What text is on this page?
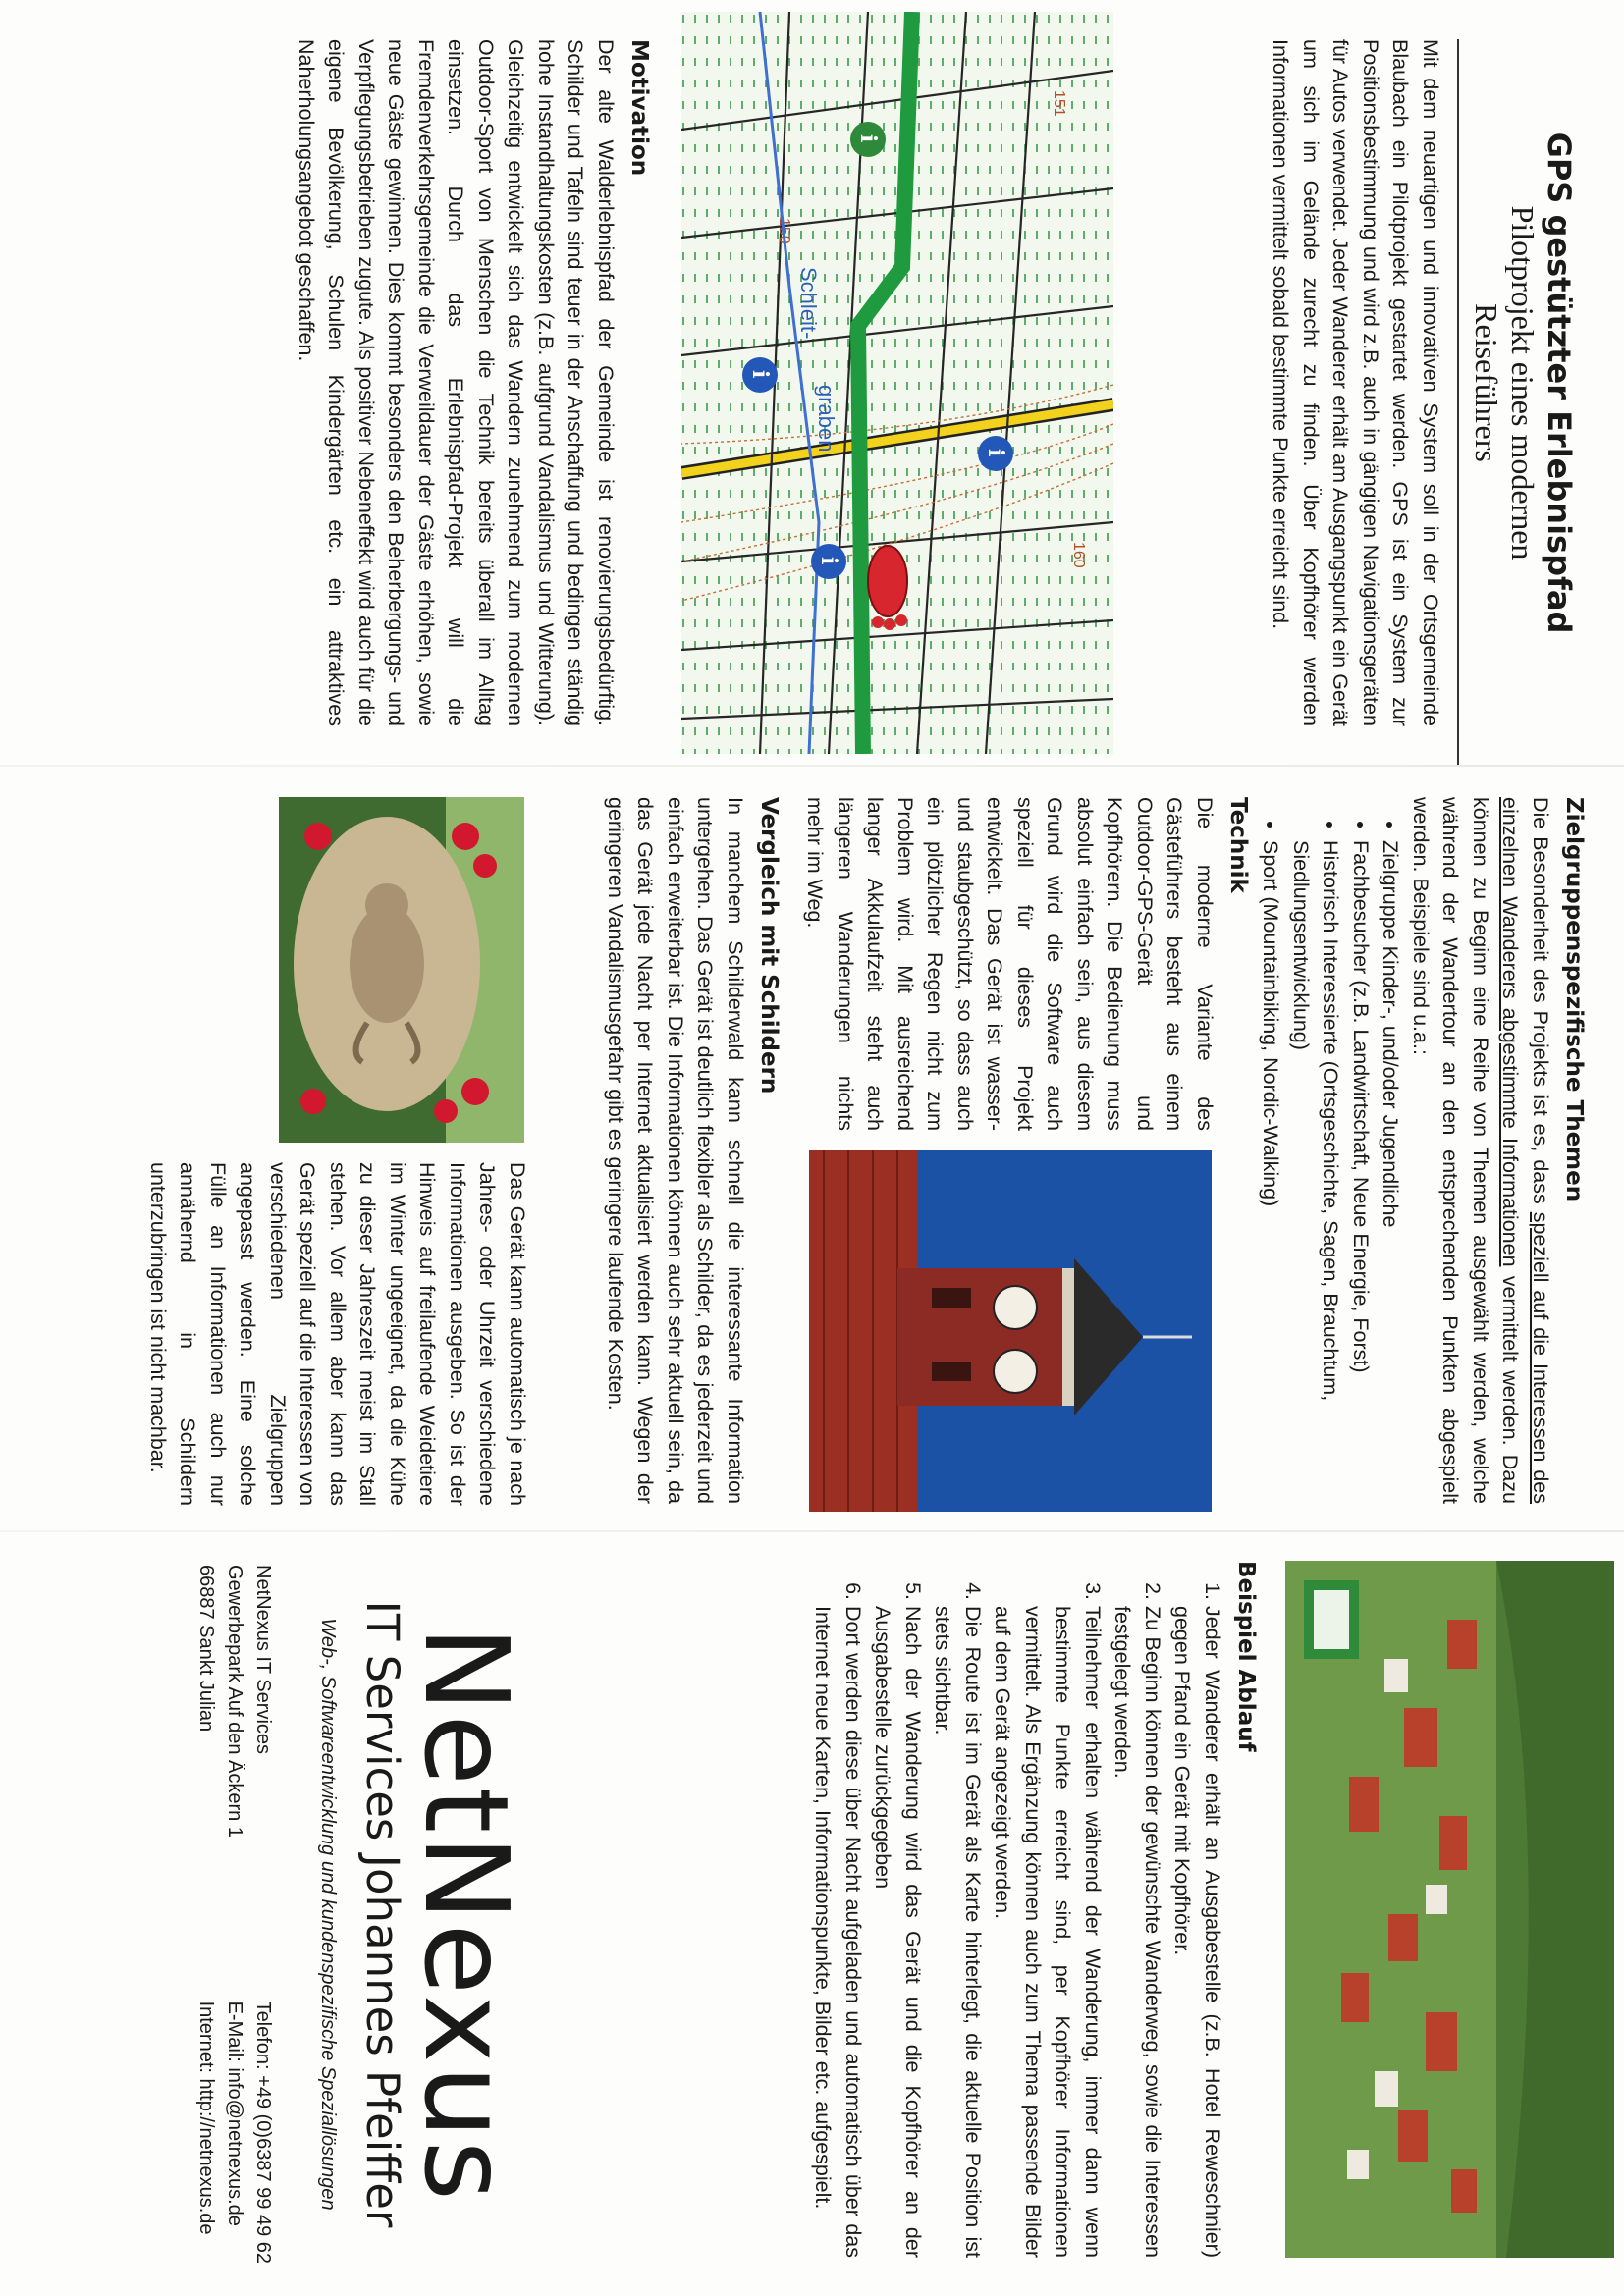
GPS gestützter Erlebnispfad
Pilotprojekt eines modernen
Reiseführers

Mit dem neuartigen und innovativen System soll in der Ortsgemeinde Blaubach ein Pilotprojekt gestartet werden. GPS ist ein System zur Positionsbestimmung und wird z.B. auch in gängigen Navigationsgeräten für Autos verwendet. Jeder Wanderer erhält am Ausgangspunkt ein Gerät um sich im Gelände zurecht zu finden. Über Kopfhörer werden Informationen vermittelt sobald bestimmte Punkte erreicht sind.

151
160
150
Schleit-
graben
i
i
i
i
Motivation

Der alte Walderlebnispfad der Gemeinde ist renovierungsbedürftig. Schilder und Tafeln sind teuer in der Anschaffung und bedingen ständig hohe Instandhaltungskosten (z.B. aufgrund Vandalismus und Witterung). Gleichzeitig entwickelt sich das Wandern zunehmend zum modernen Outdoor-Sport von Menschen die Technik bereits überall im Alltag einsetzen. Durch das Erlebnispfad-Projekt will die Fremdenverkehrsgemeinde die Verweildauer der Gäste erhöhen, sowie neue Gäste gewinnen. Dies kommt besonders den Beherbergungs- und Verpflegungsbetrieben zugute. Als positiver Nebeneffekt wird auch für die eigene Bevölkerung, Schulen Kindergärten etc. ein attraktives Naherholungsangebot geschaffen.

Zielgruppenspezifische Themen

Die Besonderheit des Projekts ist es, dass speziell auf die Interessen des einzelnen Wanderers abgestimmte Informationen vermittelt werden. Dazu können zu Beginn eine Reihe von Themen ausgewählt werden, welche während der Wandertour an den entsprechenden Punkten abgespielt werden. Beispiele sind u.a.:

• Zielgruppe Kinder-, und/oder Jugendliche
• Fachbesucher (z.B. Landwirtschaft, Neue Energie, Forst)
• Historisch Interessierte (Ortsgeschichte, Sagen, Brauchtum, Siedlungsentwicklung)
• Sport (Mountainbiking, Nordic-Walking)
Technik

Die moderne Variante des Gästeführers besteht aus einem Outdoor-GPS-Gerät und Kopfhörern. Die Bedienung muss absolut einfach sein, aus diesem Grund wird die Software auch speziell für dieses Projekt entwickelt. Das Gerät ist wasser- und staubgeschützt, so dass auch ein plötzlicher Regen nicht zum Problem wird. Mit ausreichend langer Akkulaufzeit steht auch längeren Wanderungen nichts mehr im Weg.

Vergleich mit Schildern

In manchem Schilderwald kann schnell die interessante Information untergehen. Das Gerät ist deutlich flexibler als Schilder, da es jederzeit und einfach erweiterbar ist. Die Informationen können auch sehr aktuell sein, da das Gerät jede Nacht per Internet aktualisiert werden kann. Wegen der geringeren Vandalismusgefahr gibt es geringere laufende Kosten.

Das Gerät kann automatisch je nach Jahres- oder Uhrzeit verschiedene Informationen ausgeben. So ist der Hinweis auf freilaufende Weidetiere im Winter ungeeignet, da die Kühe zu dieser Jahreszeit meist im Stall stehen. Vor allem aber kann das Gerät speziell auf die Interessen von verschiedenen Zielgruppen angepasst werden. Eine solche Fülle an Informationen auch nur annähernd in Schildern unterzubringen ist nicht machbar.

Beispiel Ablauf
1. Jeder Wanderer erhält an Ausgabestelle (z.B. Hotel Reweschnier) gegen Pfand ein Gerät mit Kopfhörer.
2. Zu Beginn können der gewünschte Wanderweg, sowie die Interessen festgelegt werden.
3. Teilnehmer erhalten während der Wanderung, immer dann wenn bestimmte Punkte erreicht sind, per Kopfhörer Informationen vermittelt. Als Ergänzung können auch zum Thema passende Bilder auf dem Gerät angezeigt werden.
4. Die Route ist im Gerät als Karte hinterlegt, die aktuelle Position ist stets sichtbar.
5. Nach der Wanderung wird das Gerät und die Kopfhörer an der Ausgabestelle zurückgegeben
6. Dort werden diese über Nacht aufgeladen und automatisch über das Internet neue Karten, Informationspunkte, Bilder etc. aufgespielt.
NetNexus
IT Services Johannes Pfeiffer
Web-, Softwareentwicklung und kundenspezifische Speziallösungen
NetNexus IT Services
Gewerbepark Auf den Äckern 1
66887 Sankt Julian
Telefon: +49 (0)6387 99 49 62
E-Mail: info@netnexus.de
Internet: http://netnexus.de
